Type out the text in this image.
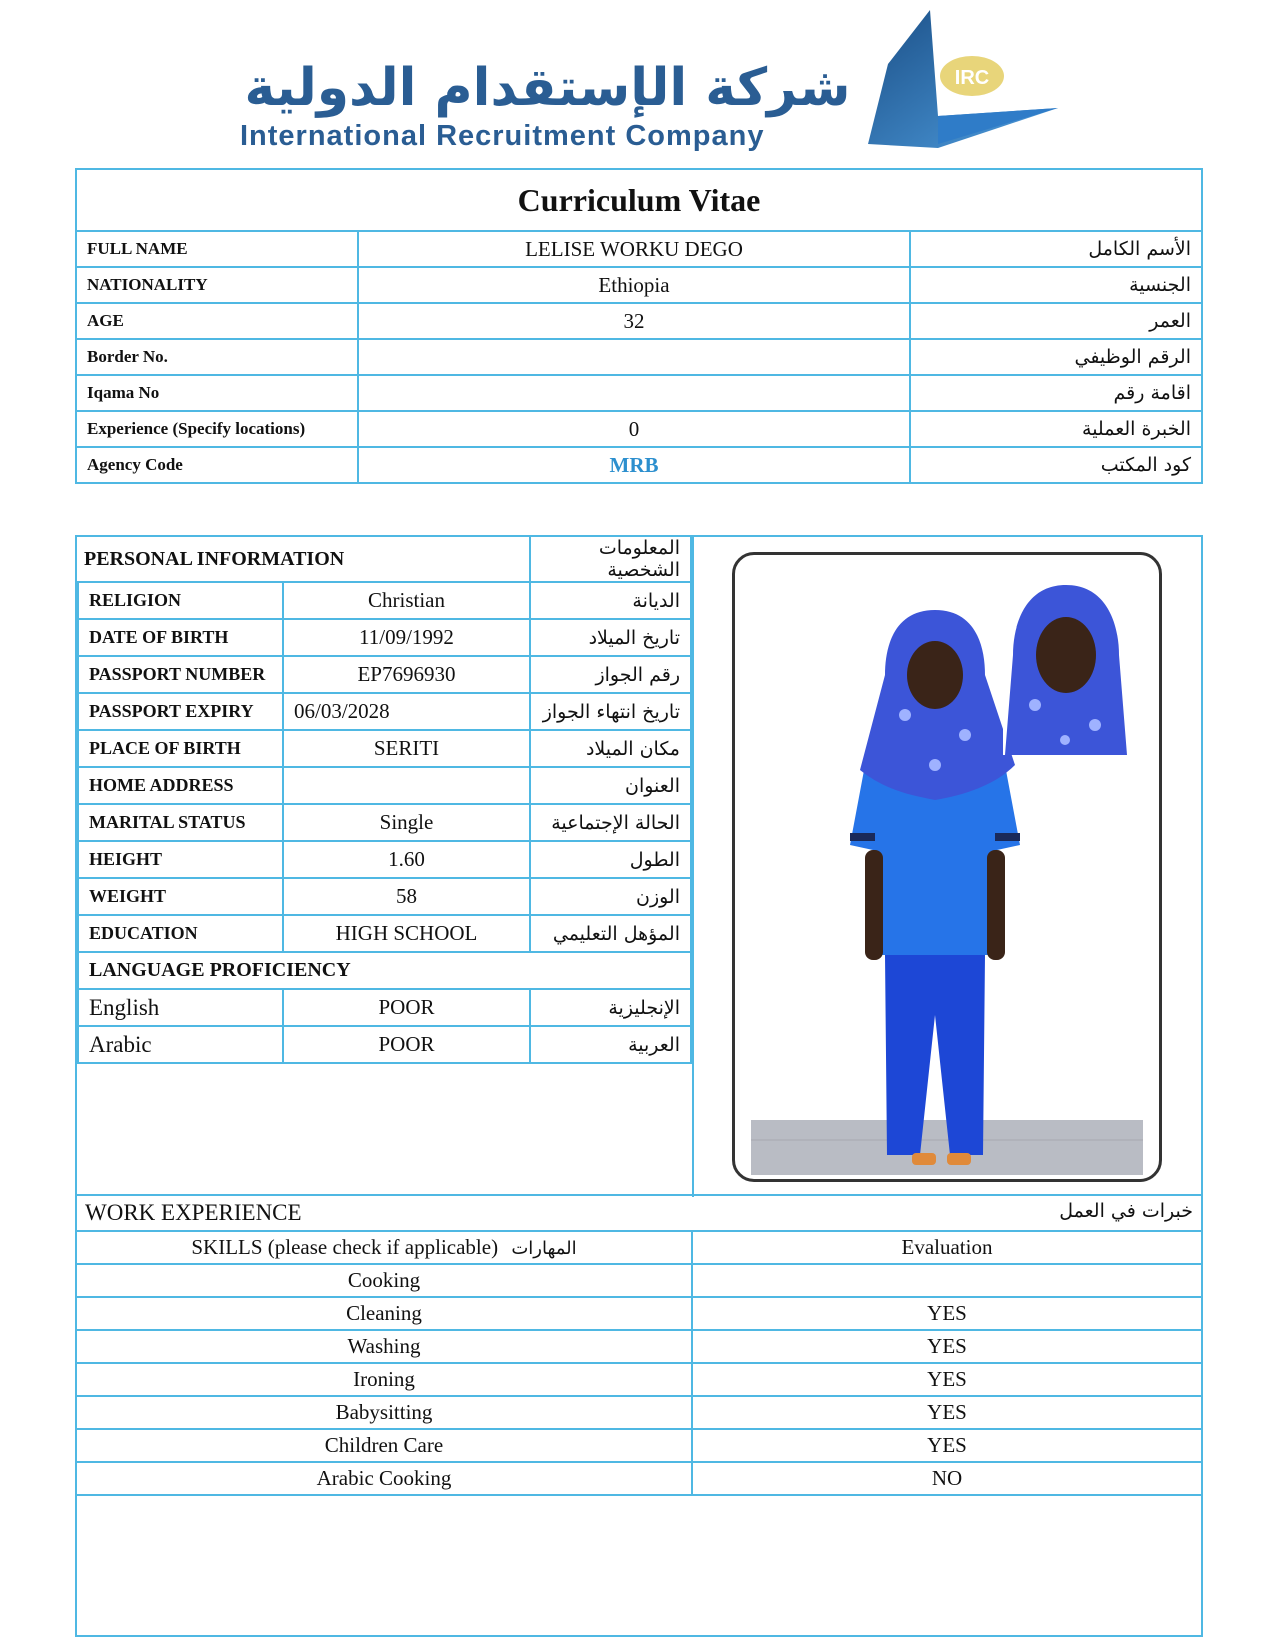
شركة الإستقدام الدولية
International Recruitment Company
IRC
Curriculum Vitae		
FULL NAME	LELISE WORKU DEGO	الأسم الكامل
NATIONALITY	Ethiopia	الجنسية
AGE	32	العمر
Border No.		الرقم الوظيفي
Iqama No		اقامة رقم
Experience (Specify locations)	0	الخبرة العملية
Agency Code	MRB	كود المكتب
PERSONAL INFORMATION		المعلومات الشخصية
RELIGION	Christian	الديانة
DATE OF BIRTH	11/09/1992	تاريخ الميلاد
PASSPORT NUMBER	EP7696930	رقم الجواز
PASSPORT EXPIRY	06/03/2028	تاريخ انتهاء الجواز
PLACE OF BIRTH	SERITI	مكان الميلاد
HOME ADDRESS		العنوان
MARITAL STATUS	Single	الحالة الإجتماعية
HEIGHT	1.60	الطول
WEIGHT	58	الوزن
EDUCATION	HIGH SCHOOL	المؤهل التعليمي
LANGUAGE PROFICIENCY		
English	POOR	الإنجليزية
Arabic	POOR	العربية
WORK EXPERIENCE خبرات في العمل	

SKILLS (please check if applicable) المهارات	Evaluation
Cooking	
Cleaning	YES
Washing	YES
Ironing	YES
Babysitting	YES
Children Care	YES
Arabic Cooking	NO
